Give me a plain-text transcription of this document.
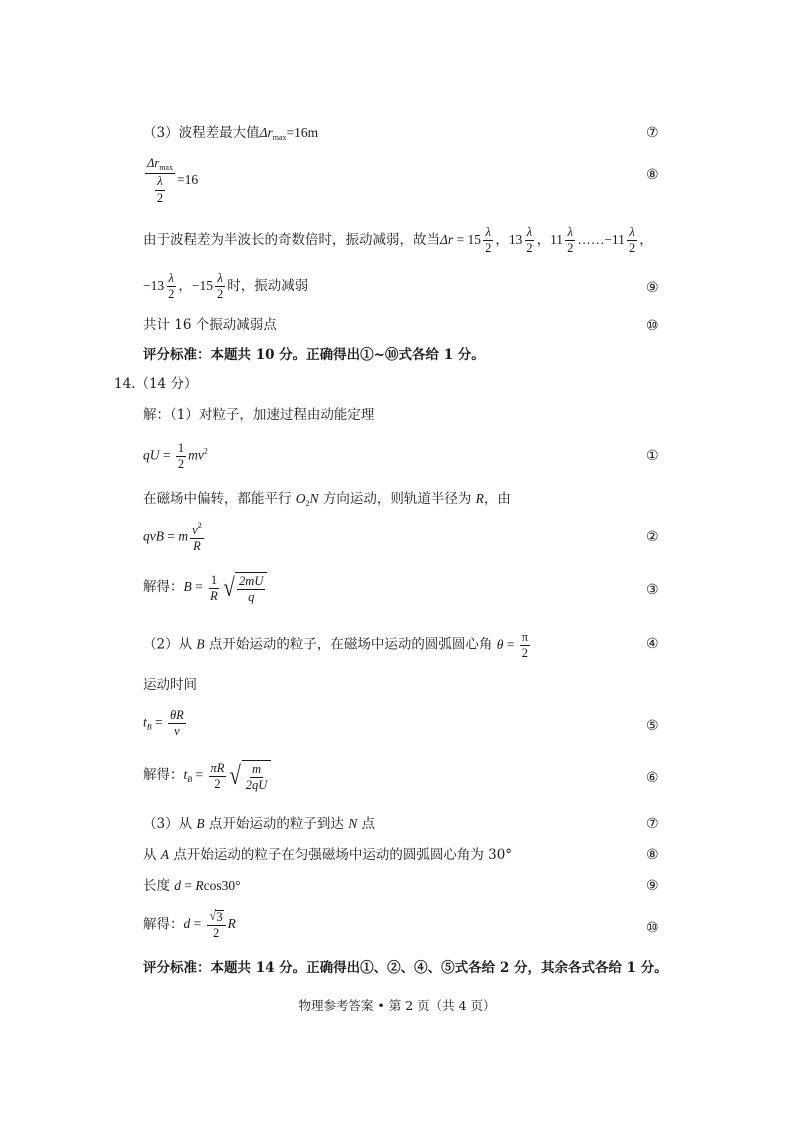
（3）波程差最大值$\Delta r_{max}=16m$	⑦
$\frac{\Delta r_{max}}{\frac{\lambda}{2}} =16$	⑧
由于波程差为半波长的奇数倍时，振动减弱，故当$\Delta r = 15 \frac{\lambda}{2}$ ，$13 \frac{\lambda}{2}$ ，$11 \frac{\lambda}{2}$ ……−11 $\frac{\lambda}{2}$ ，
$-13 \frac{\lambda}{2}$ ，$-15 \frac{\lambda}{2}$ 时，振动减弱	⑨
共计 16 个振动减弱点	⑩
评分标准：本题共 10 分。正确得出①~⑩式各给 1 分。
14.（14 分）
解：（1）对粒子，加速过程由动能定理
qU = $\frac{1}{2} mv^2$	①
在磁场中偏转，都能平行 $O_2N$ 方向运动，则轨道半径为 R，由
qvB = m $\frac{v^2}{R}$	②
解得：$B = \frac{1}{R}$ √ $\frac{2mU}{q}$	③
（2）从 B 点开始运动的粒子，在磁场中运动的圆弧圆心角 $\theta = \frac{\pi}{2}$	④
运动时间
$t_B = \frac{\theta R}{v}$	⑤
解得：$t_B = \frac{\pi R}{2}$ √ $\frac{m}{2qU}$	⑥
（3）从 B 点开始运动的粒子到达 N 点	⑦
从 A 点开始运动的粒子在匀强磁场中运动的圆弧圆心角为 30°	⑧
长度 d = Rcos30°	⑨
解得：$d = \frac{√ 3}{2}$ R	⑩
评分标准：本题共 14 分。正确得出①、②、④、⑤式各给 2 分，其余各式各给 1 分。
物理参考答案 • 第 2 页（共 4 页）
